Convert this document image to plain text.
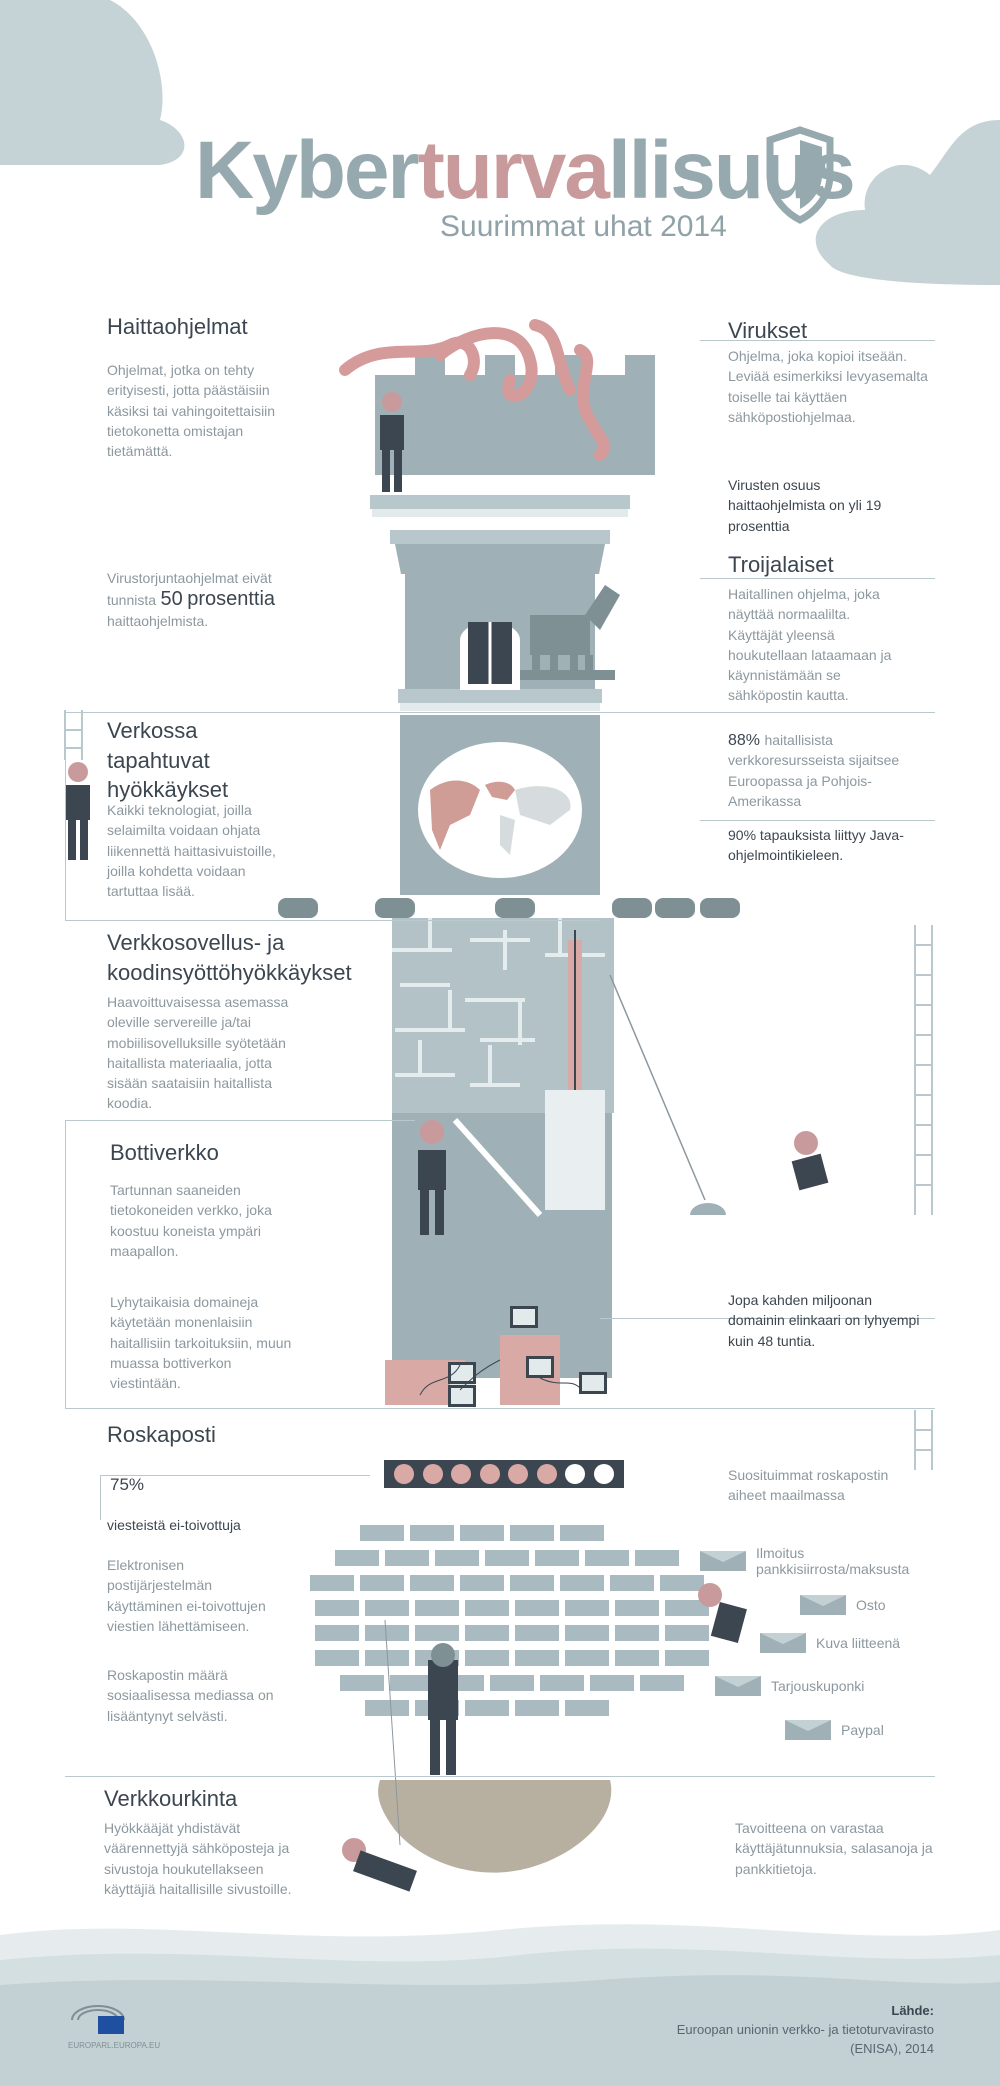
Kyberturvallisuus
Suurimmat uhat 2014
Haittaohjelmat
Ohjelmat, jotka on tehty erityisesti, jotta päästäisiin käsiksi tai vahingoitettaisiin tietokonetta omistajan tietämättä.
Virukset
Ohjelma, joka kopioi itseään. Leviää esimerkiksi levyasemalta toiselle tai käyttäen sähköpostiohjelmaa.
Virusten osuus haittaohjelmista on yli 19 prosenttia
Virustorjuntaohjelmat eivät tunnista 50 prosenttia haittaohjelmista.
Troijalaiset
Haitallinen ohjelma, joka näyttää normaalilta. Käyttäjät yleensä houkutellaan lataamaan ja käynnistämään se sähköpostin kautta.
Verkossa tapahtuvat hyökkäykset
Kaikki teknologiat, joilla selaimilta voidaan ohjata liikennettä haittasivuistoille, joilla kohdetta voidaan tartuttaa lisää.
88% haitallisista verkkoresursseista sijaitsee Euroopassa ja Pohjois-Amerikassa
90% tapauksista liittyy Java-ohjelmointikieleen.
Verkkosovellus- ja koodinsyöttöhyökkäykset
Haavoittuvaisessa asemassa oleville servereille ja/tai mobiilisovelluksille syötetään haitallista materiaalia, jotta sisään saataisiin haitallista koodia.
Bottiverkko
Tartunnan saaneiden tietokoneiden verkko, joka koostuu koneista ympäri maapallon.
Lyhytaikaisia domaineja käytetään monenlaisiin haitallisiin tarkoituksiin, muun muassa bottiverkon viestintään.
Jopa kahden miljoonan domainin elinkaari on lyhyempi kuin 48 tuntia.
Roskaposti
75%
viesteistä ei-toivottuja
Elektronisen postijärjestelmän käyttäminen ei-toivottujen viestien lähettämiseen.
Roskapostin määrä sosiaalisessa mediassa on lisääntynyt selvästi.
Suosituimmat roskapostin aiheet maailmassa
Ilmoitus pankkisiirrosta/maksusta
Osto
Kuva liitteenä
Tarjouskuponki
Paypal
Verkkourkinta
Hyökkääjät yhdistävät väärennettyjä sähköposteja ja sivustoja houkutellakseen käyttäjiä haitallisille sivustoille.
Tavoitteena on varastaa käyttäjätunnuksia, salasanoja ja pankkitietoja.
EUROPARL.EUROPA.EU
Lähde:
Euroopan unionin verkko- ja tietoturvavirasto (ENISA), 2014
